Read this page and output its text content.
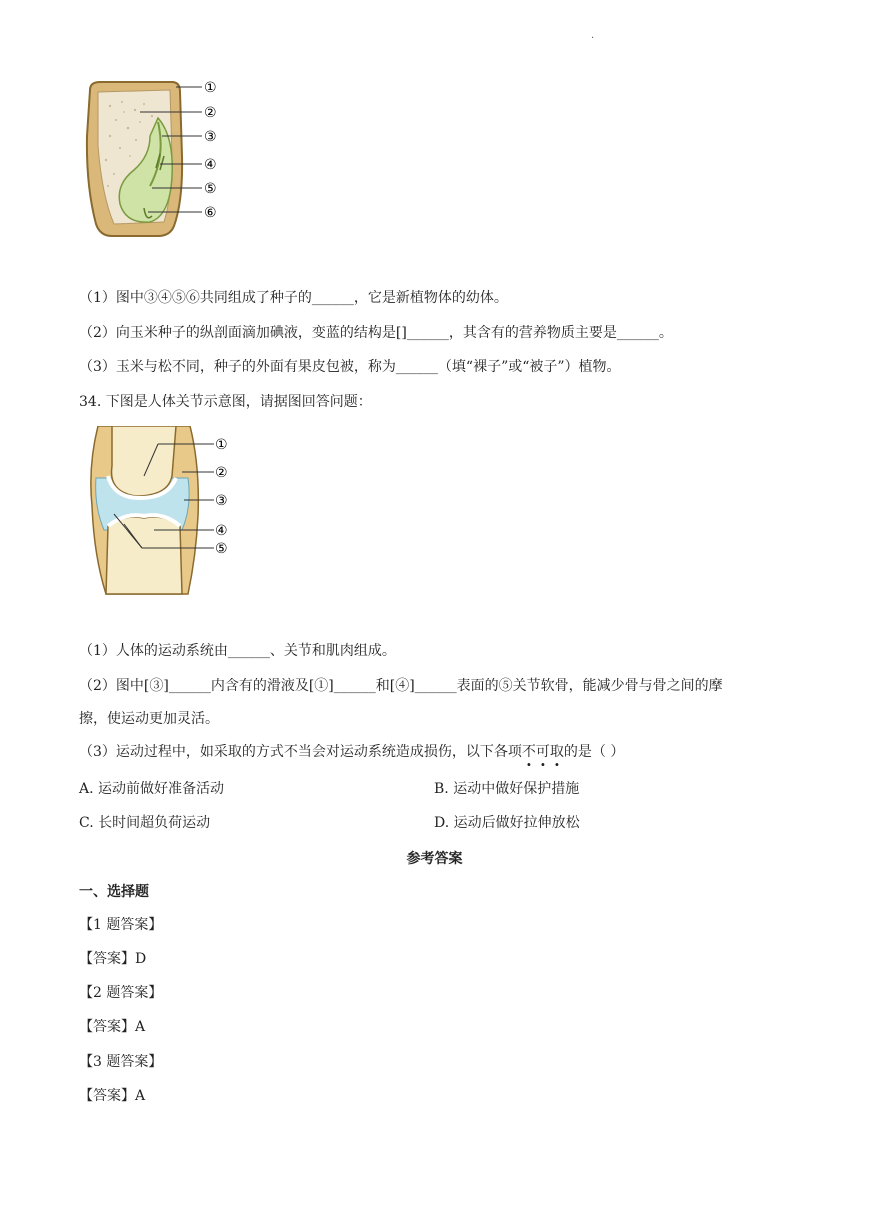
.
①
②
③
④
⑤
⑥
（1）图中③④⑤⑥共同组成了种子的______，它是新植物体的幼体。
（2）向玉米种子的纵剖面滴加碘液，变蓝的结构是[]______，其含有的营养物质主要是______。
（3）玉米与松不同，种子的外面有果皮包被，称为______（填“裸子”或“被子”）植物。
34. 下图是人体关节示意图，请据图回答问题：
①
②
③
④
⑤
（1）人体的运动系统由______、关节和肌肉组成。
（2）图中[③]______内含有的滑液及[①]______和[④]______表面的⑤关节软骨，能减少骨与骨之间的摩
擦，使运动更加灵活。
（3）运动过程中，如采取的方式不当会对运动系统造成损伤，以下各项不可取的是（ ）
A. 运动前做好准备活动	B. 运动中做好保护措施
C. 长时间超负荷运动	D. 运动后做好拉伸放松
参考答案
一、选择题
【1 题答案】
【答案】D
【2 题答案】
【答案】A
【3 题答案】
【答案】A
